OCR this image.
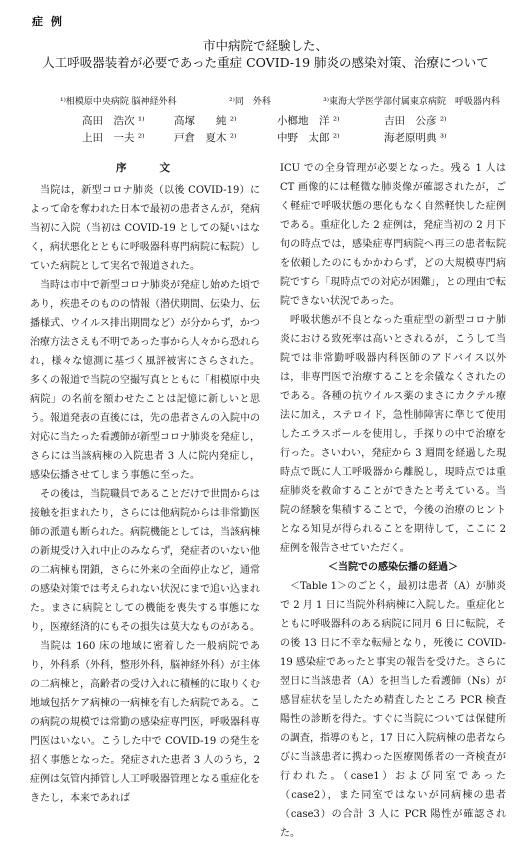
症 例
市中病院で経験した、
人工呼吸器装着が必要であった重症 COVID-19 肺炎の感染対策、治療について
¹⁾相模原中央病院 脳神経外科	²⁾同　外科	³⁾東海大学医学部付属東京病院　呼吸器内科
高田　浩次 ¹⁾	高塚　　純 ²⁾	小榔地　洋 ²⁾	吉田　公彦 ²⁾
上田　一夫 ²⁾	戸倉　夏木 ²⁾	中野　太郎 ²⁾	海老原明典 ³⁾
序　　文

当院は，新型コロナ肺炎（以後 COVID-19）によって命を奪われた日本で最初の患者さんが，発病当初に入院（当初は COVID-19 としての疑いはなく，病状悪化とともに呼吸器科専門病院に転院）していた病院として実名で報道された。

当時は市中で新型コロナ肺炎が発症し始めた頃であり，疾患そのものの情報（潜伏期間、伝染力、伝播様式、ウイルス排出期間など）が分からず，かつ治療方法さえも不明であった事から人々から恐れられ，様々な憶測に基づく風評被害にさらされた。多くの報道で当院の空撮写真とともに「相模原中央病院」の名前を額わせたことは記憶に新しいと思う。報道発表の直後には，先の患者さんの入院中の対応に当たった看護師が新型コロナ肺炎を発症し，さらには当該病棟の入院患者 3 人に院内発症し，感染伝播させてしまう事態に至った。

その後は，当院職員であることだけで世間からは接触を拒まれたり，さらには他病院からは非常勤医師の派遣も断られた。病院機能としては，当該病棟の新規受け入れ中止のみならず，発症者のいない他の二病棟も閉鎖，さらに外来の全面停止など，通常の感染対策では考えられない状況にまで追い込まれた。まさに病院としての機能を喪失する事態になり，医療経済的にもその損失は莫大なものがある。

当院は 160 床の地域に密着した一般病院であり，外科系（外科，整形外科，脳神経外科）が主体の二病棟と，高齢者の受け入れに積極的に取りくむ地域包括ケア病棟の一病棟を有した病院である。この病院の規模では常勤の感染症専門医，呼吸器科専門医はいない。こうした中で COVID-19 の発生を招く事態となった。発症された患者 3 人のうち，2 症例は気管内挿管し人工呼吸器管理となる重症化をきたし，本来であれば

ICU での全身管理が必要となった。残る 1 人は CT 画像的には軽微な肺炎像が確認されたが，ごく軽症で呼吸状態の悪化もなく自然軽快した症例である。重症化した 2 症例は，発症当初の 2 月下旬の時点では，感染症専門病院へ再三の患者転院を依頼したのにもかかわらず，どの大規模専門病院ですら「現時点での対応が困難」，との理由で転院できない状況であった。

呼吸状態が不良となった重症型の新型コロナ肺炎における致死率は高いとされるが，こうして当院では非常勤呼吸器内科医師のアドバイス以外は，非専門医で治療することを余儀なくされたのである。各種の抗ウイルス薬のまさにカクテル療法に加え，ステロイド，急性肺障害に準じて使用したエラスポールを使用し，手探りの中で治療を行った。さいわい，発症から 3 週間を経過した現時点で既に人工呼吸器から離脱し，現時点では重症肺炎を救命することができたと考えている。当院の経験を集積することで，今後の治療のヒントとなる知見が得られることを期待して，ここに 2 症例を報告させていただく。

＜当院での感染伝播の経過＞

＜Table 1＞のごとく，最初は患者（A）が肺炎で 2 月 1 日に当院外科病棟に入院した。重症化とともに呼吸器科のある病院に同月 6 日に転院，その後 13 日に不幸な転帰となり，死後に COVID-19 感染症であったと事実の報告を受けた。さらに翌日に当該患者（A）を担当した看護師（Ns）が感冒症状を呈したため精査したところ PCR 検査陽性の診断を得た。すぐに当院については保健所の調査，指導のもと，17 日に入院病棟の患者ならびに当該患者に携わった医療関係者の一斉検査が行われた。（case1）および同室であった（case2），また同室ではないが同病棟の患者（case3）の合計 3 人に PCR 陽性が確認された。
